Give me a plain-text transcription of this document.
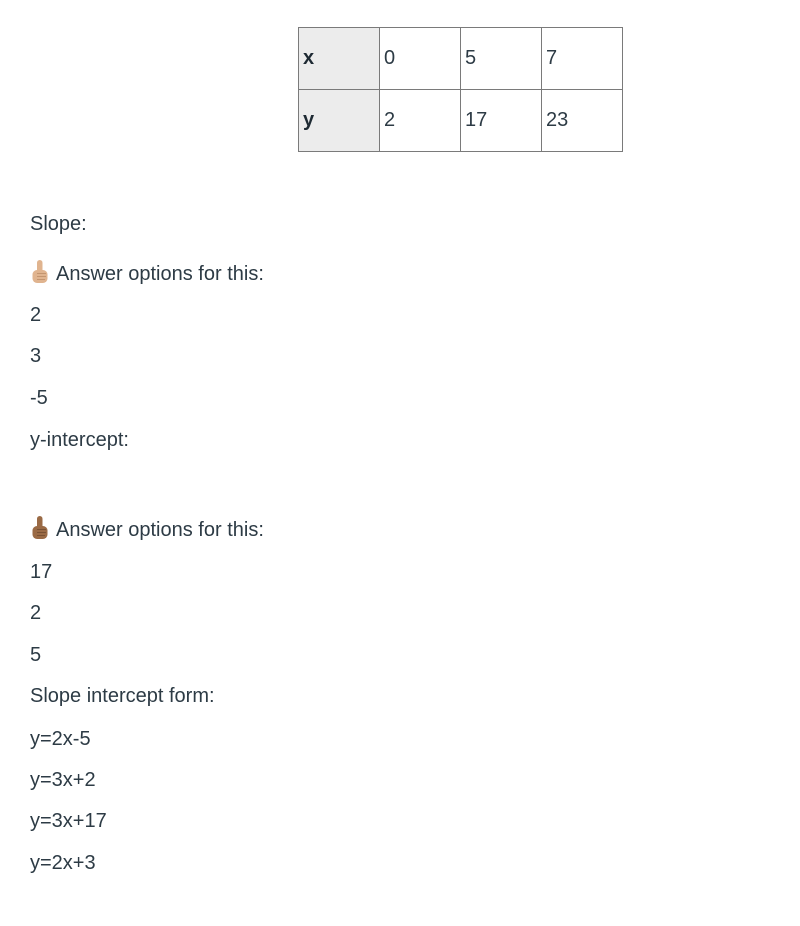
x	0	5	7
y	2	17	23
Slope:
Answer options for this:
2
3
-5
y-intercept:
Answer options for this:
17
2
5
Slope intercept form:
y=2x-5
y=3x+2
y=3x+17
y=2x+3
